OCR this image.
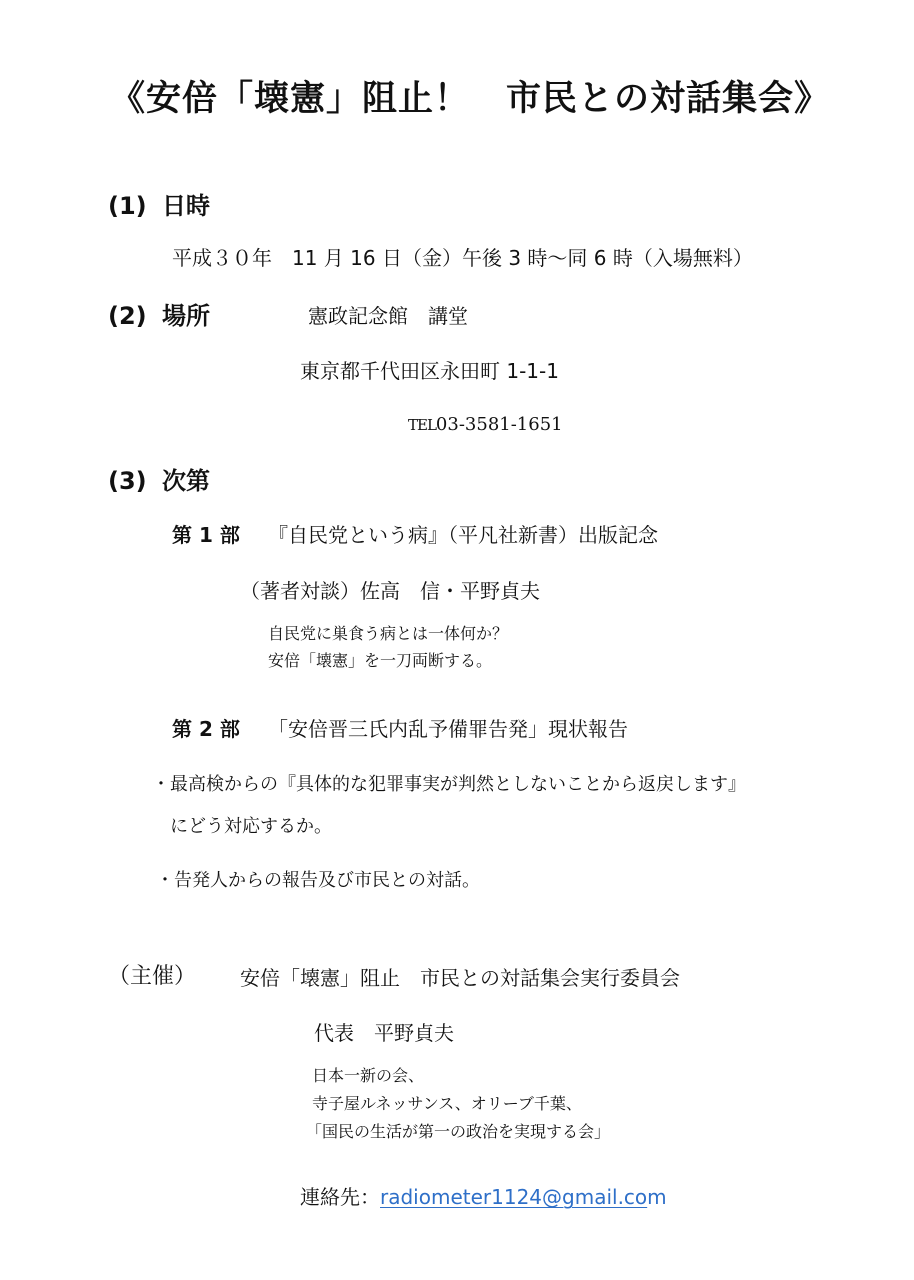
《安倍「壊憲」阻止！　市民との対話集会》
(1) 日時
平成３０年　11 月 16 日（金）午後 3 時〜同 6 時（入場無料）
(2) 場所	憲政記念館　講堂
東京都千代田区永田町 1-1-1
TEL03-3581-1651
(3) 次第
第 1 部 『自民党という病』（平凡社新書）出版記念
（著者対談）佐高　信・平野貞夫
自民党に巣食う病とは一体何か？
安倍「壊憲」を一刀両断する。
第 2 部 「安倍晋三氏内乱予備罪告発」現状報告
・最高検からの『具体的な犯罪事実が判然としないことから返戻します』
にどう対応するか。
・告発人からの報告及び市民との対話。
（主催） 安倍「壊憲」阻止　市民との対話集会実行委員会
代表　平野貞夫
日本一新の会、
寺子屋ルネッサンス、オリーブ千葉、
「国民の生活が第一の政治を実現する会」
連絡先：radiometer1124@gmail.com
